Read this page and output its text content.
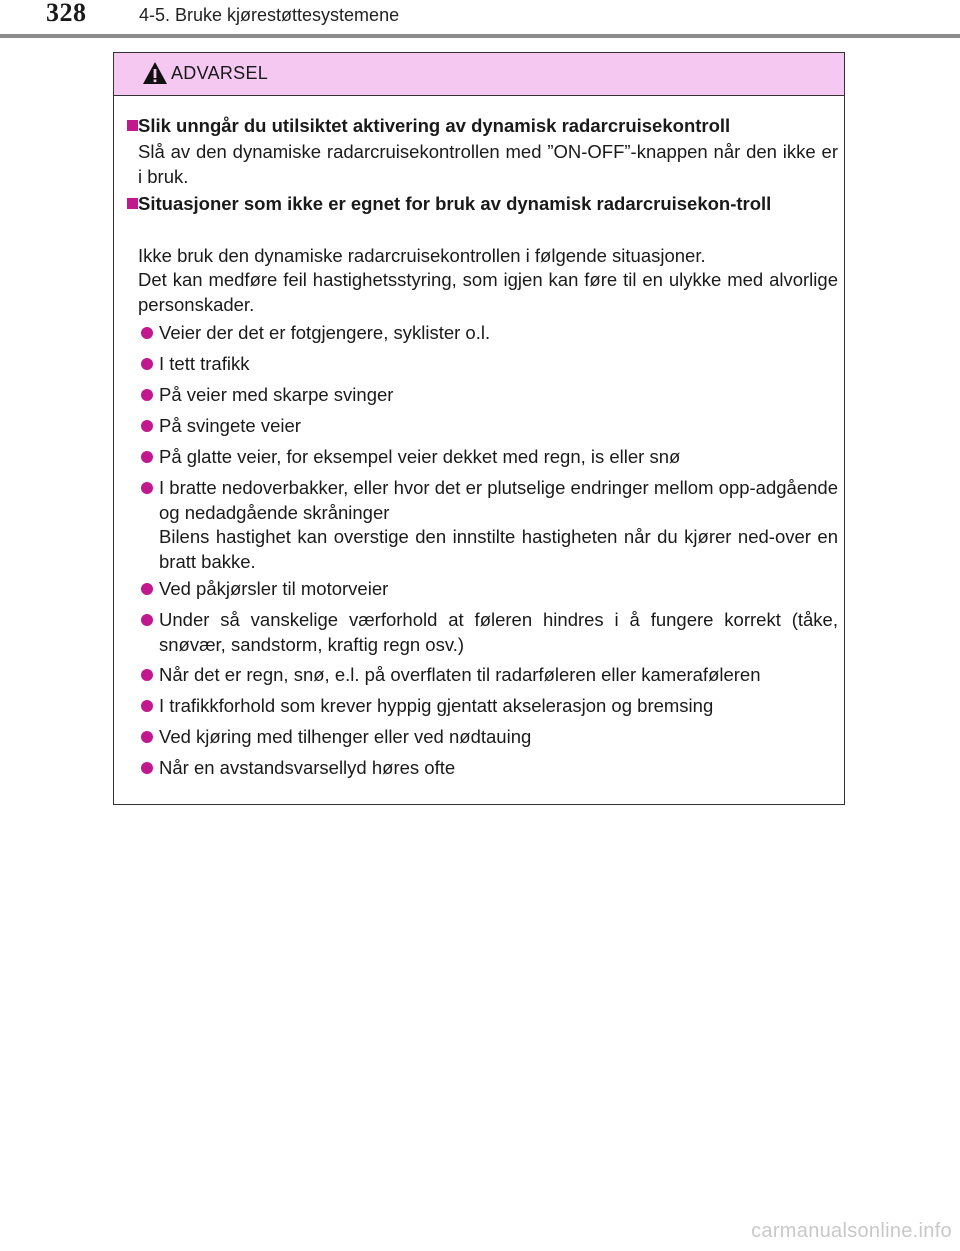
328	4-5. Bruke kjørestøttesystemene
ADVARSEL
Slik unngår du utilsiktet aktivering av dynamisk radarcruisekontroll
Slå av den dynamiske radarcruisekontrollen med ”ON-OFF”-knappen når den ikke er i bruk.
Situasjoner som ikke er egnet for bruk av dynamisk radarcruisekon-troll
Ikke bruk den dynamiske radarcruisekontrollen i følgende situasjoner.
Det kan medføre feil hastighetsstyring, som igjen kan føre til en ulykke med alvorlige personskader.
Veier der det er fotgjengere, syklister o.l.
I tett trafikk
På veier med skarpe svinger
På svingete veier
På glatte veier, for eksempel veier dekket med regn, is eller snø
I bratte nedoverbakker, eller hvor det er plutselige endringer mellom opp-adgående og nedadgående skråninger
Bilens hastighet kan overstige den innstilte hastigheten når du kjører ned-over en bratt bakke.
Ved påkjørsler til motorveier
Under så vanskelige værforhold at føleren hindres i å fungere korrekt (tåke, snøvær, sandstorm, kraftig regn osv.)
Når det er regn, snø, e.l. på overflaten til radarføleren eller kameraføleren
I trafikkforhold som krever hyppig gjentatt akselerasjon og bremsing
Ved kjøring med tilhenger eller ved nødtauing
Når en avstandsvarsellyd høres ofte
carmanualsonline.info
